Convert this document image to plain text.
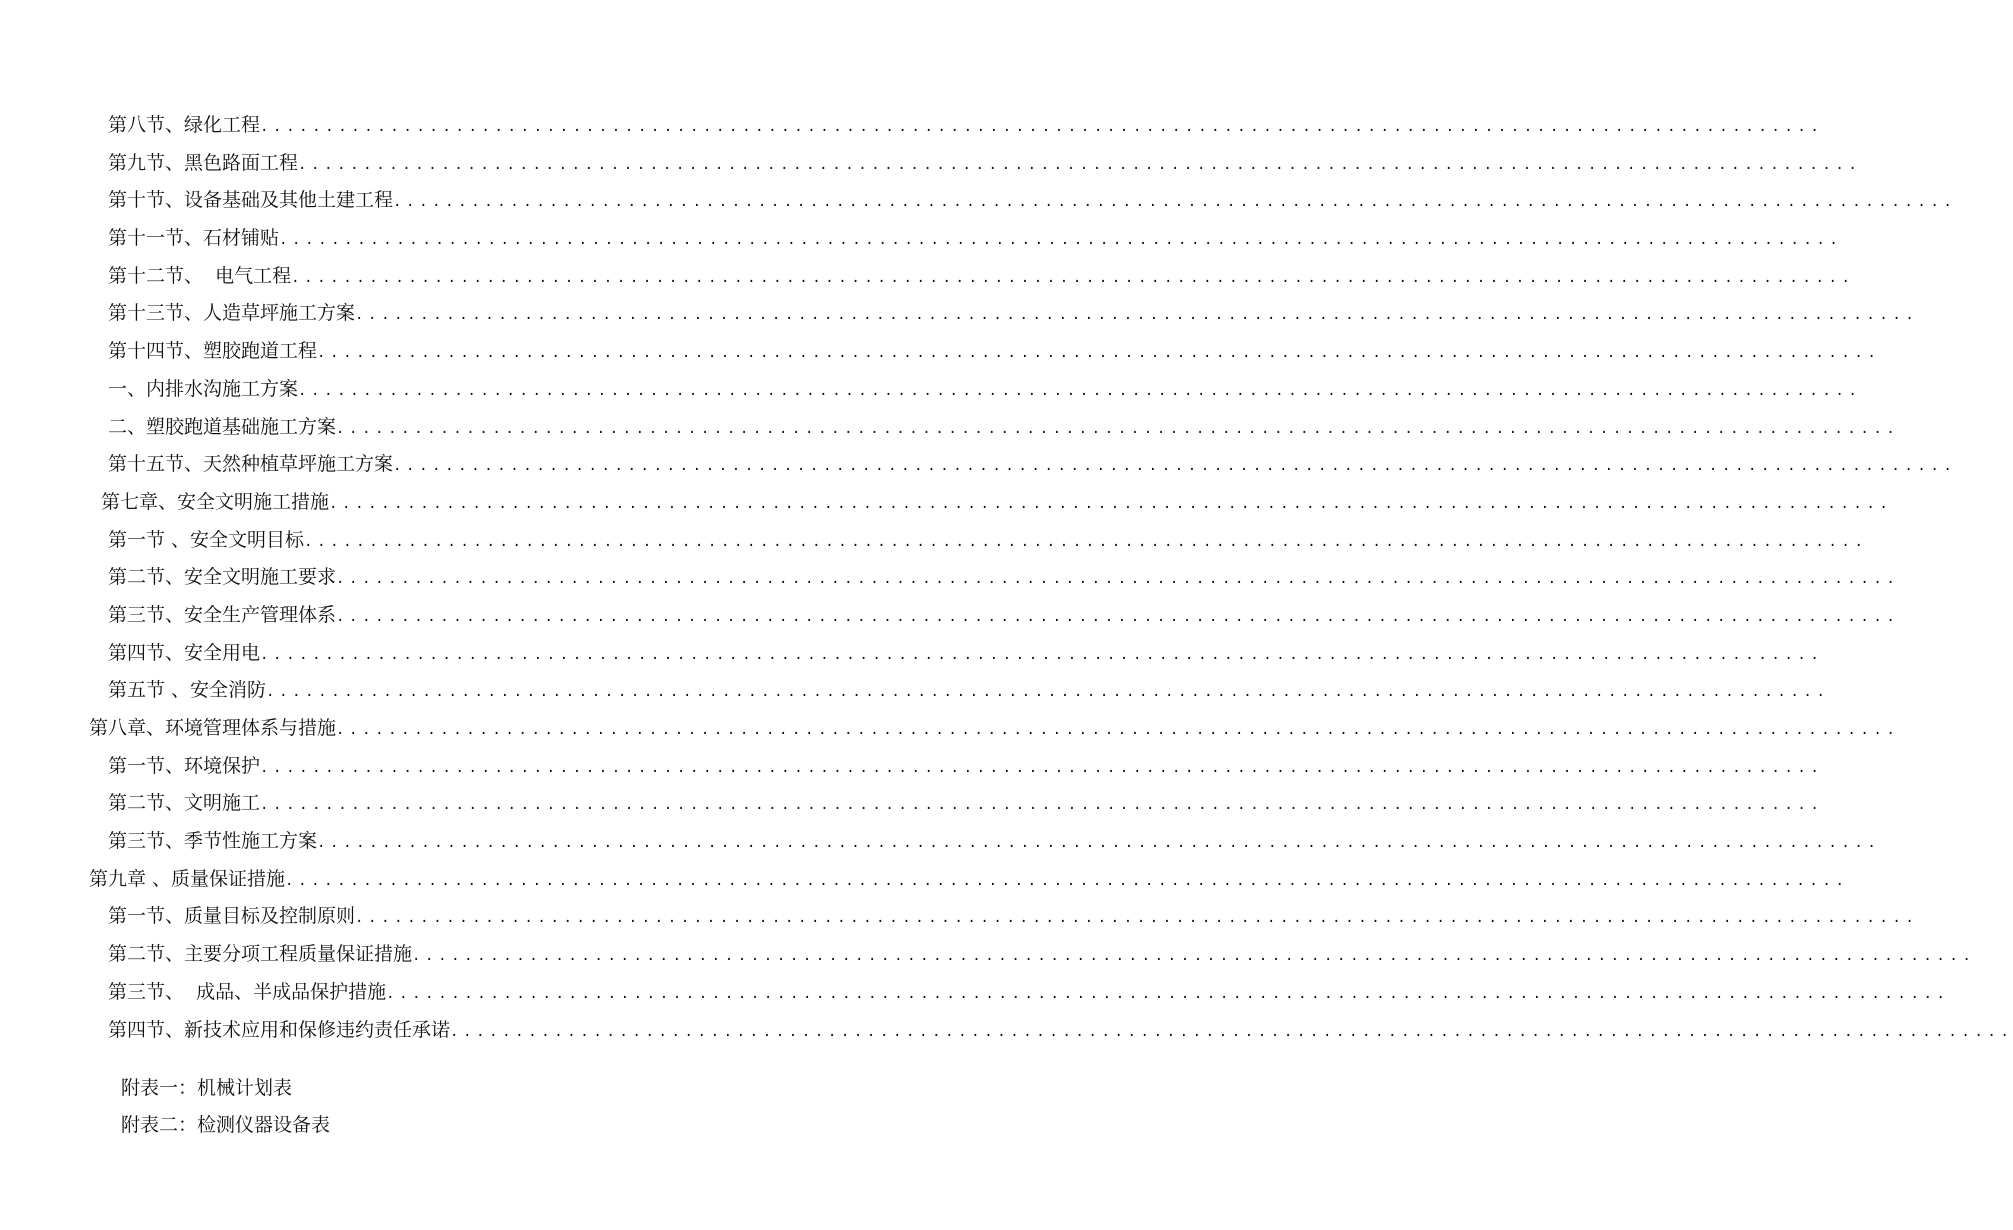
第八节、绿化工程 ........................................................................................................................
第九节、黑色路面工程 ........................................................................................................................
第十节、设备基础及其他土建工程 ........................................................................................................................
第十一节、石材铺贴 ........................................................................................................................
第十二节、  电气工程 ........................................................................................................................
第十三节、人造草坪施工方案 ........................................................................................................................
第十四节、塑胶跑道工程 ........................................................................................................................
一、内排水沟施工方案 ........................................................................................................................
二、塑胶跑道基础施工方案 ........................................................................................................................
第十五节、天然种植草坪施工方案 ........................................................................................................................
第七章、安全文明施工措施 ........................................................................................................................
第一节 、安全文明目标 ........................................................................................................................
第二节、安全文明施工要求 ........................................................................................................................
第三节、安全生产管理体系 ........................................................................................................................
第四节、安全用电 ........................................................................................................................
第五节 、安全消防 ........................................................................................................................
第八章、环境管理体系与措施 ........................................................................................................................
第一节、环境保护 ........................................................................................................................
第二节、文明施工 ........................................................................................................................
第三节、季节性施工方案 ........................................................................................................................
第九章 、质量保证措施 ........................................................................................................................
第一节、质量目标及控制原则 ........................................................................................................................
第二节、主要分项工程质量保证措施 ........................................................................................................................
第三节、  成品、半成品保护措施 ........................................................................................................................
第四节、新技术应用和保修违约责任承诺 ........................................................................................................................
附表一：机械计划表
附表二：检测仪器设备表
